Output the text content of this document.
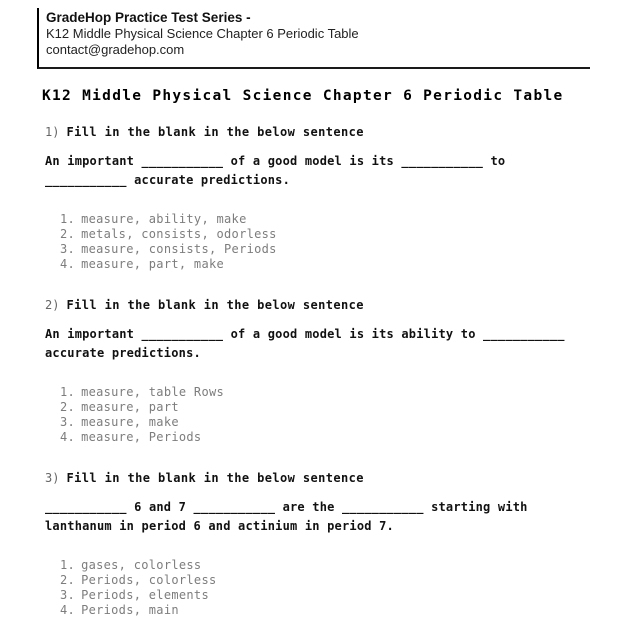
GradeHop Practice Test Series -
K12 Middle Physical Science Chapter 6 Periodic Table
contact@gradehop.com
K12 Middle Physical Science Chapter 6 Periodic Table
1) Fill in the blank in the below sentence
An important ___________ of a good model is its ___________ to ___________ accurate predictions.
1. measure, ability, make
2. metals, consists, odorless
3. measure, consists, Periods
4. measure, part, make
2) Fill in the blank in the below sentence
An important ___________ of a good model is its ability to ___________ accurate predictions.
1. measure, table Rows
2. measure, part
3. measure, make
4. measure, Periods
3) Fill in the blank in the below sentence
___________ 6 and 7 ___________ are the ___________ starting with lanthanum in period 6 and actinium in period 7.
1. gases, colorless
2. Periods, colorless
3. Periods, elements
4. Periods, main
